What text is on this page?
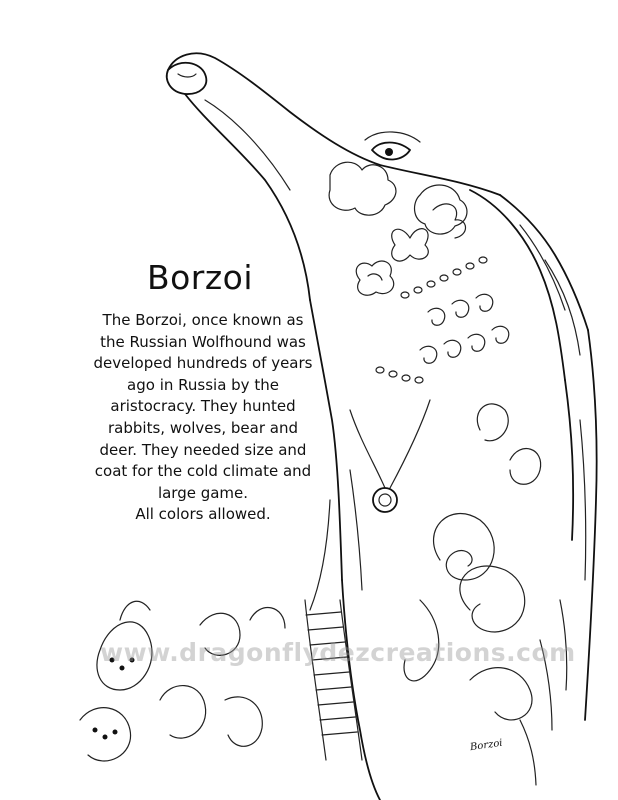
Borzoi
The Borzoi, once known as
the Russian Wolfhound was
developed hundreds of years
ago in Russia by the
aristocracy. They hunted
rabbits, wolves, bear and
deer. They needed size and
coat for the cold climate and
large game.
All colors allowed.
www.dragonflydezcreations.com
Borzoi
